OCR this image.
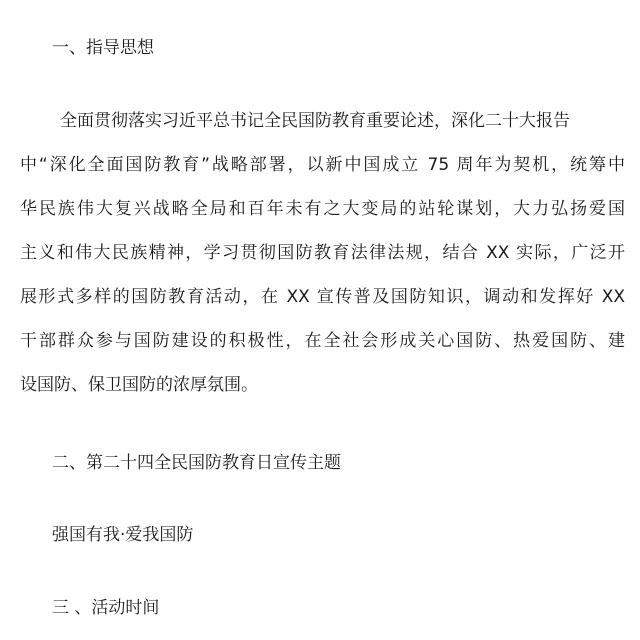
一、指导思想
全面贯彻落实习近平总书记全民国防教育重要论述，深化二十大报告
中“深化全面国防教育”战略部署，以新中国成立 75 周年为契机，统筹中
华民族伟大复兴战略全局和百年未有之大变局的站轮谋划，大力弘扬爱国
主义和伟大民族精神，学习贯彻国防教育法律法规，结合 XX 实际，广泛开
展形式多样的国防教育活动，在 XX 宣传普及国防知识，调动和发挥好 XX
干部群众参与国防建设的积极性，在全社会形成关心国防、热爱国防、建
设国防、保卫国防的浓厚氛围。
二、第二十四全民国防教育日宣传主题
强国有我·爱我国防
三 、活动时间
